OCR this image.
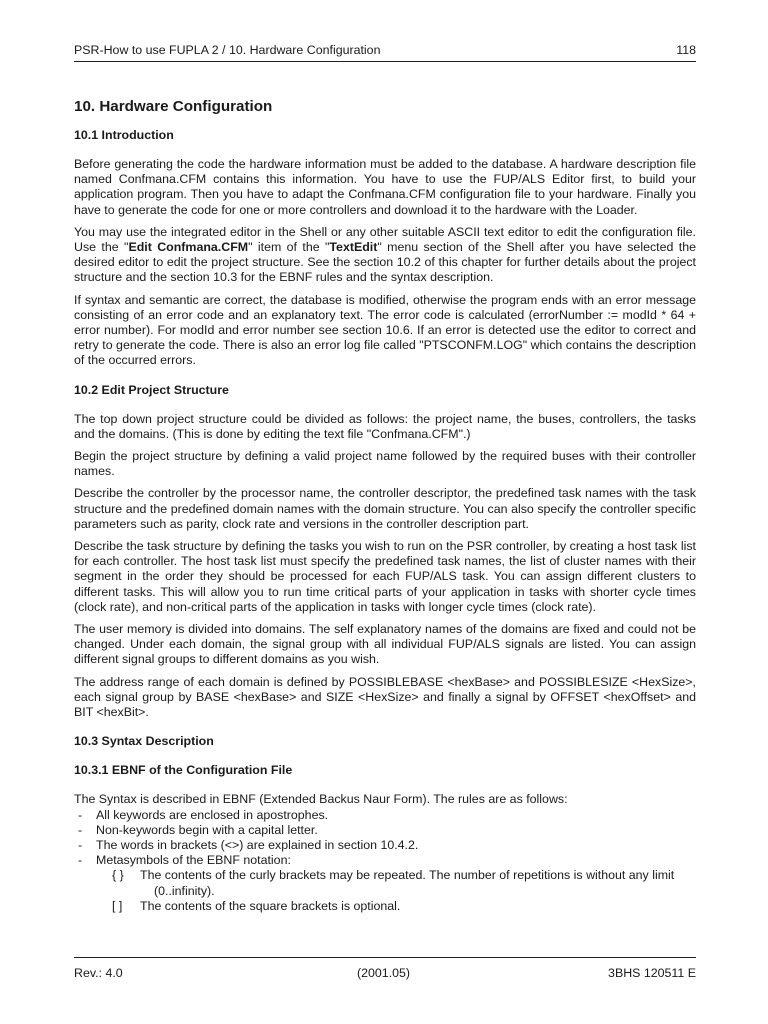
PSR-How to use FUPLA 2 / 10. Hardware Configuration	118
10. Hardware Configuration
10.1 Introduction

Before generating the code the hardware information must be added to the database. A hardware description file named Confmana.CFM contains this information. You have to use the FUP/ALS Editor first, to build your application program. Then you have to adapt the Confmana.CFM configuration file to your hardware. Finally you have to generate the code for one or more controllers and download it to the hardware with the Loader.

You may use the integrated editor in the Shell or any other suitable ASCII text editor to edit the configuration file. Use the "Edit Confmana.CFM" item of the "TextEdit" menu section of the Shell after you have selected the desired editor to edit the project structure. See the section 10.2 of this chapter for further details about the project structure and the section 10.3 for the EBNF rules and the syntax description.

If syntax and semantic are correct, the database is modified, otherwise the program ends with an error message consisting of an error code and an explanatory text. The error code is calculated (errorNumber := modId * 64 + error number). For modId and error number see section 10.6. If an error is detected use the editor to correct and retry to generate the code. There is also an error log file called "PTSCONFM.LOG" which contains the description of the occurred errors.

10.2 Edit Project Structure

The top down project structure could be divided as follows: the project name, the buses, controllers, the tasks and the domains. (This is done by editing the text file "Confmana.CFM".)

Begin the project structure by defining a valid project name followed by the required buses with their controller names.

Describe the controller by the processor name, the controller descriptor, the predefined task names with the task structure and the predefined domain names with the domain structure. You can also specify the controller specific parameters such as parity, clock rate and versions in the controller description part.

Describe the task structure by defining the tasks you wish to run on the PSR controller, by creating a host task list for each controller. The host task list must specify the predefined task names, the list of cluster names with their segment in the order they should be processed for each FUP/ALS task. You can assign different clusters to different tasks. This will allow you to run time critical parts of your application in tasks with shorter cycle times (clock rate), and non-critical parts of the application in tasks with longer cycle times (clock rate).

The user memory is divided into domains. The self explanatory names of the domains are fixed and could not be changed. Under each domain, the signal group with all individual FUP/ALS signals are listed. You can assign different signal groups to different domains as you wish.

The address range of each domain is defined by POSSIBLEBASE <hexBase> and POSSIBLESIZE <HexSize>, each signal group by BASE <hexBase> and SIZE <HexSize> and finally a signal by OFFSET <hexOffset> and BIT <hexBit>.

10.3 Syntax Description
10.3.1 EBNF of the Configuration File

The Syntax is described in EBNF (Extended Backus Naur Form). The rules are as follows:

- All keywords are enclosed in apostrophes.
- Non-keywords begin with a capital letter.
- The words in brackets (<>) are explained in section 10.4.2.
- Metasymbols of the EBNF notation:
{ } The contents of the curly brackets may be repeated. The number of repetitions is without any limit
(0..infinity).
[ ] The contents of the square brackets is optional.
Rev.: 4.0	(2001.05)	3BHS 120511 E
